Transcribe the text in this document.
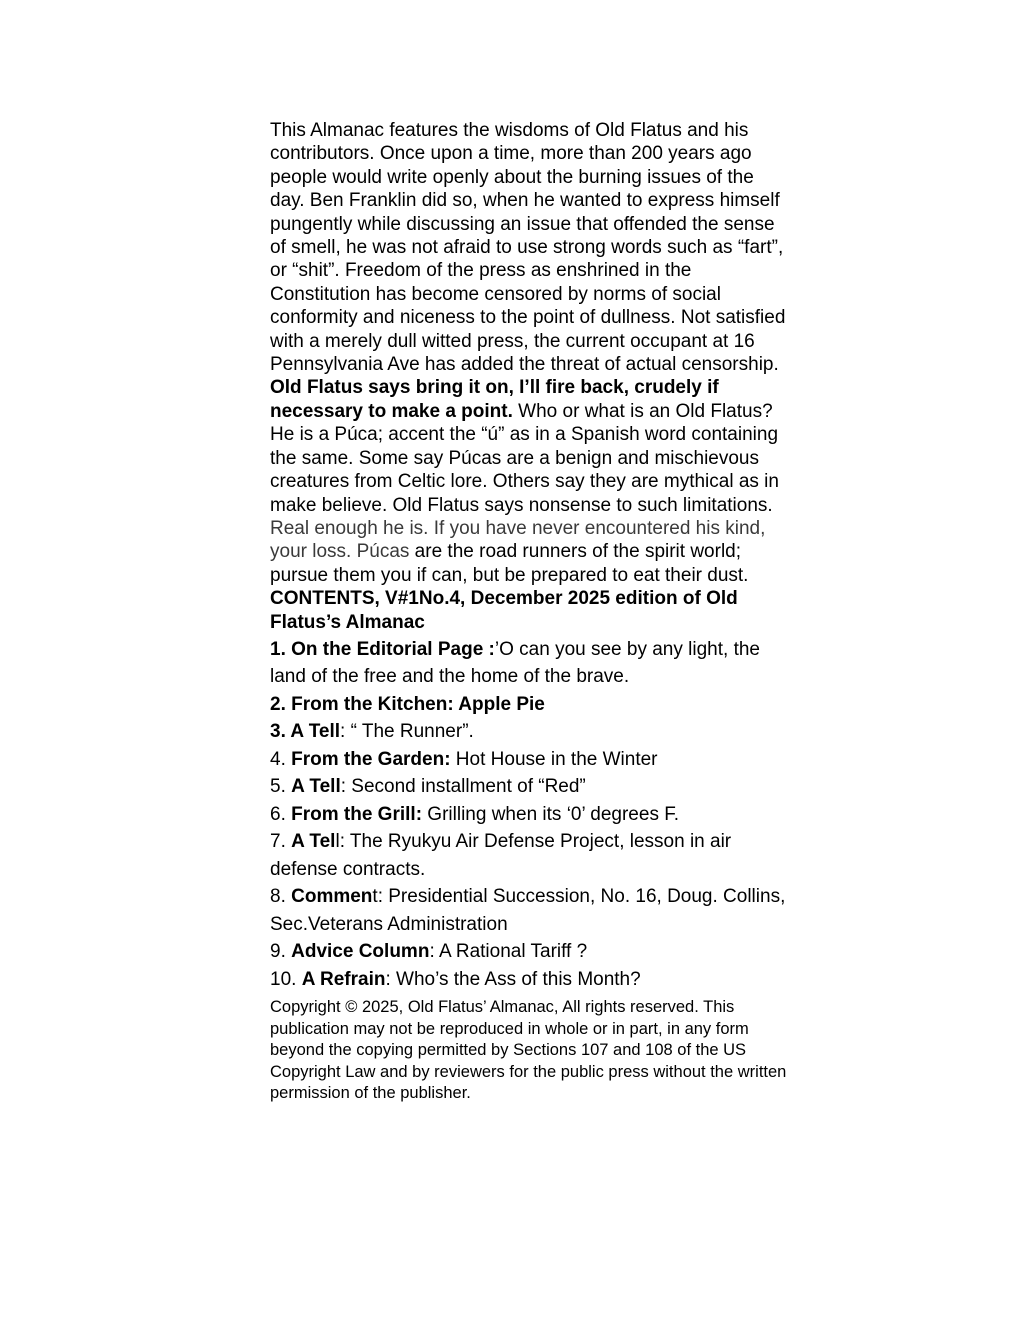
This Almanac features the wisdoms of Old Flatus and his contributors. Once upon a time, more than 200 years ago people would write openly about the burning issues of the day. Ben Franklin did so, when he wanted to express himself pungently while discussing an issue that offended the sense of smell, he was not afraid to use strong words such as “fart”, or “shit”. Freedom of the press as enshrined in the Constitution has become censored by norms of social conformity and niceness to the point of dullness. Not satisfied with a merely dull witted press, the current occupant at 16 Pennsylvania Ave has added the threat of actual censorship. Old Flatus says bring it on, I’ll fire back, crudely if necessary to make a point. Who or what is an Old Flatus? He is a Púca; accent the “ú” as in a Spanish word containing the same. Some say Púcas are a benign and mischievous creatures from Celtic lore. Others say they are mythical as in make believe. Old Flatus says nonsense to such limitations. Real enough he is. If you have never encountered his kind, your loss. Púcas are the road runners of the spirit world; pursue them you if can, but be prepared to eat their dust.

CONTENTS, V#1No.4, December 2025 edition of Old Flatus’s Almanac

1. On the Editorial Page :’O can you see by any light, the land of the free and the home of the brave.
2. From the Kitchen: Apple Pie
3. A Tell: “ The Runner”.
4. From the Garden: Hot House in the Winter
5. A Tell: Second installment of “Red”
6. From the Grill: Grilling when its ‘0’ degrees F.
7. A Tell: The Ryukyu Air Defense Project, lesson in air defense contracts.
8. Comment: Presidential Succession, No. 16, Doug. Collins, Sec.Veterans Administration
9. Advice Column: A Rational Tariff ?
10. A Refrain: Who’s the Ass of this Month?

Copyright © 2025, Old Flatus’ Almanac, All rights reserved. This publication may not be reproduced in whole or in part, in any form beyond the copying permitted by Sections 107 and 108 of the US Copyright Law and by reviewers for the public press without the written permission of the publisher.
